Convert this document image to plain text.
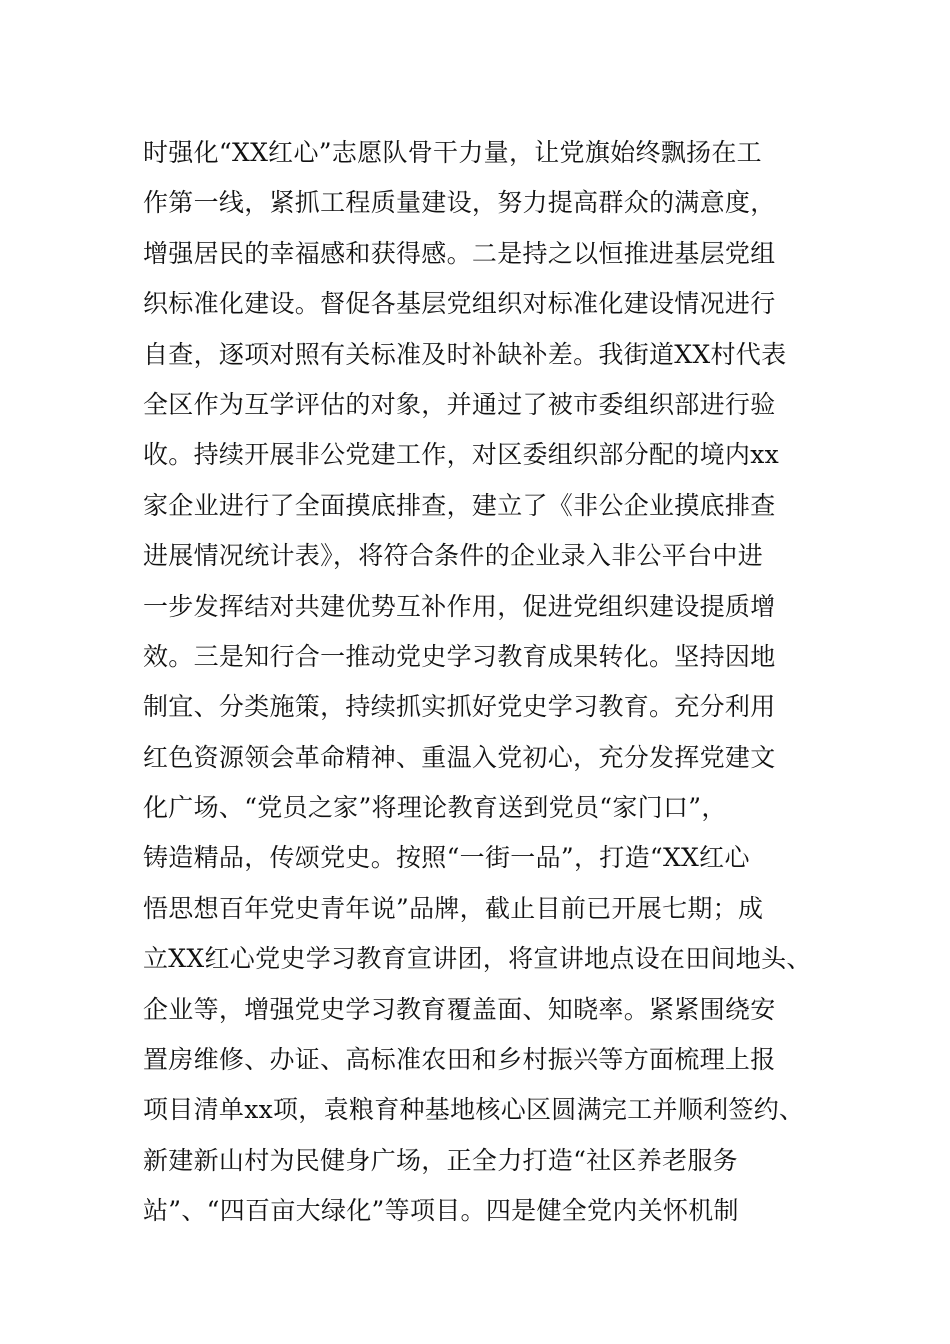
时强化“XX红心”志愿队骨干力量，让党旗始终飘扬在工
作第一线，紧抓工程质量建设，努力提高群众的满意度，
增强居民的幸福感和获得感。二是持之以恒推进基层党组
织标准化建设。督促各基层党组织对标准化建设情况进行
自查，逐项对照有关标准及时补缺补差。我街道XX村代表
全区作为互学评估的对象，并通过了被市委组织部进行验
收。持续开展非公党建工作，对区委组织部分配的境内xx
家企业进行了全面摸底排查，建立了《非公企业摸底排查
进展情况统计表》，将符合条件的企业录入非公平台中进
一步发挥结对共建优势互补作用，促进党组织建设提质增
效。三是知行合一推动党史学习教育成果转化。坚持因地
制宜、分类施策，持续抓实抓好党史学习教育。充分利用
红色资源领会革命精神、重温入党初心，充分发挥党建文
化广场、“党员之家”将理论教育送到党员“家门口”，
铸造精品，传颂党史。按照“一街一品”，打造“XX红心
悟思想百年党史青年说”品牌，截止目前已开展七期；成
立XX红心党史学习教育宣讲团，将宣讲地点设在田间地头、
企业等，增强党史学习教育覆盖面、知晓率。紧紧围绕安
置房维修、办证、高标准农田和乡村振兴等方面梳理上报
项目清单xx项，袁粮育种基地核心区圆满完工并顺利签约、
新建新山村为民健身广场，正全力打造“社区养老服务
站”、“四百亩大绿化”等项目。四是健全党内关怀机制
